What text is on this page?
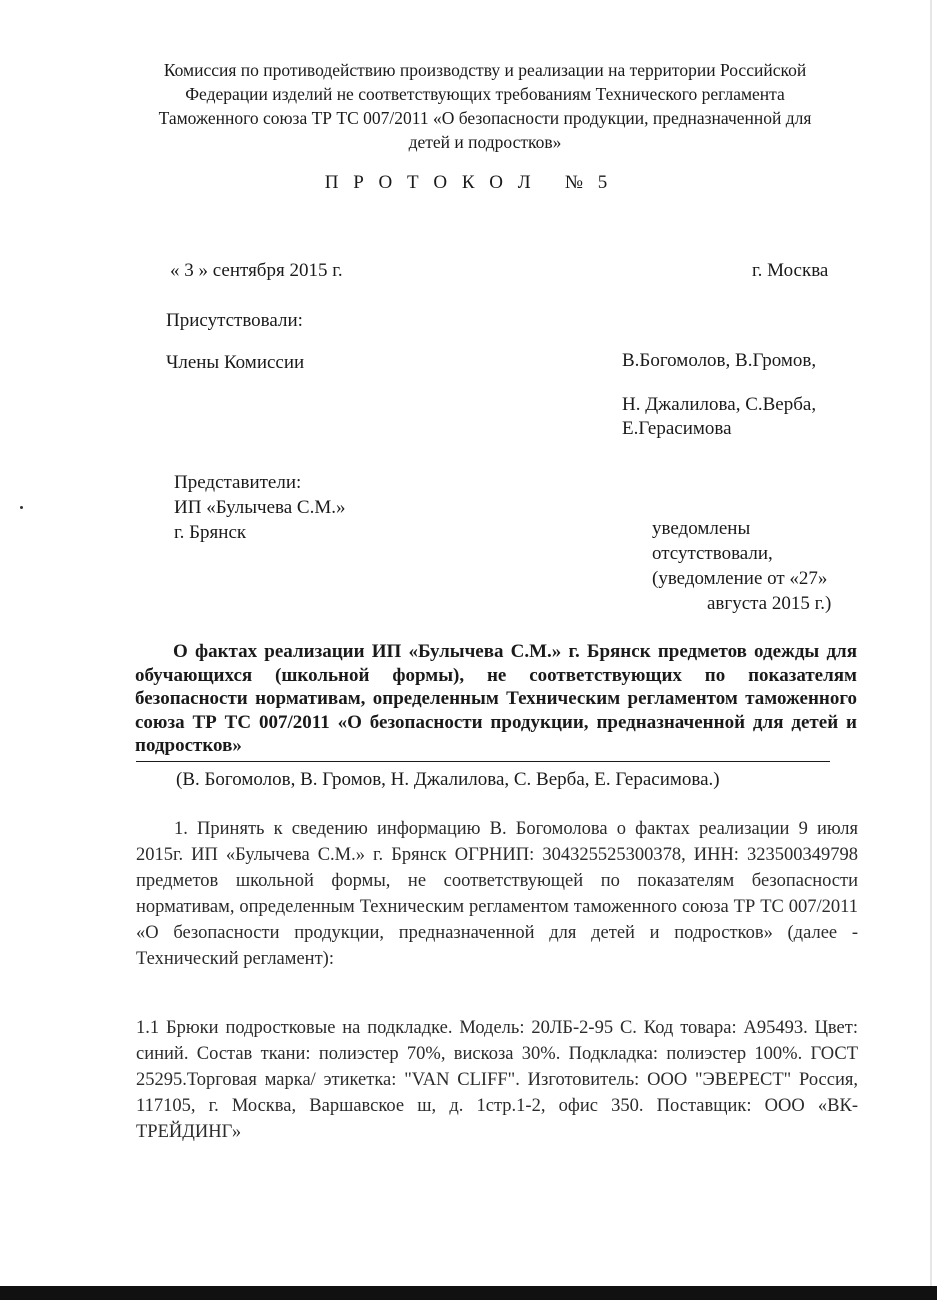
Комиссия по противодействию производству и реализации на территории Российской
Федерации изделий не соответствующих требованиям Технического регламента
Таможенного союза ТР ТС 007/2011 «О безопасности продукции, предназначенной для
детей и подростков»
П Р О Т О К О Л   № 5
« 3 » сентября 2015 г.	г. Москва
Присутствовали:
Члены Комиссии	В.Богомолов, В.Громов,
Н. Джалилова, С.Верба,
Е.Герасимова
Представители:
ИП «Булычева С.М.»
г. Брянск	уведомлены
отсутствовали,
(уведомление от «27»
августа 2015 г.)
О фактах реализации ИП «Булычева С.М.» г. Брянск предметов одежды для обучающихся (школьной формы), не соответствующих по показателям безопасности нормативам, определенным Техническим регламентом таможенного союза ТР ТС 007/2011 «О безопасности продукции, предназначенной для детей и подростков»
(В. Богомолов, В. Громов, Н. Джалилова, С. Верба, Е. Герасимова.)
1. Принять к сведению информацию В. Богомолова о фактах реализации 9 июля 2015г. ИП «Булычева С.М.» г. Брянск ОГРНИП: 304325525300378, ИНН: 323500349798 предметов школьной формы, не соответствующей по показателям безопасности нормативам, определенным Техническим регламентом таможенного союза ТР ТС 007/2011 «О безопасности продукции, предназначенной для детей и подростков» (далее - Технический регламент):
1.1 Брюки подростковые на подкладке. Модель: 20ЛБ-2-95 С. Код товара: А95493. Цвет: синий. Состав ткани: полиэстер 70%, вискоза 30%. Подкладка: полиэстер 100%. ГОСТ 25295.Торговая марка/ этикетка: "VAN CLIFF". Изготовитель: ООО "ЭВЕРЕСТ" Россия, 117105, г. Москва, Варшавское ш, д. 1стр.1-2, офис 350. Поставщик: ООО «ВК-ТРЕЙДИНГ»
